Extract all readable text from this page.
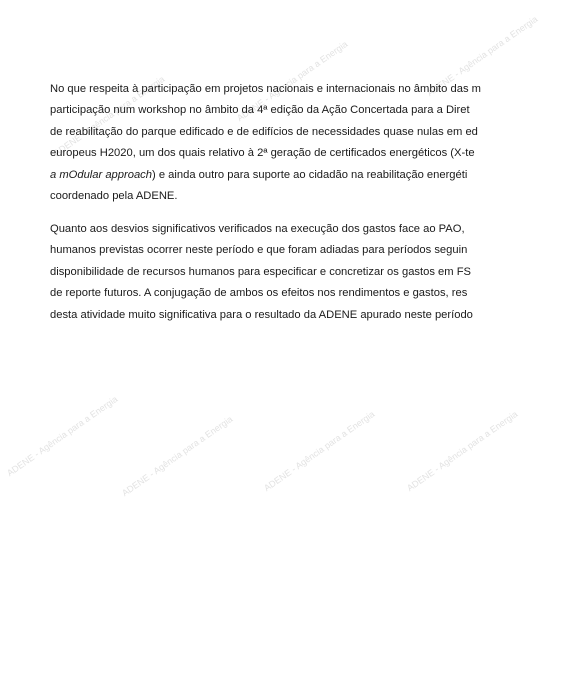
ADENE - Agência para a Energia	ADENE - Agência para a Energia	ADENE - Agência para a Energia
ADENE - Agência para a Energia ADENE - Agência para a Energia	ADENE - Agência para a Energia	ADENE - Agência para a Energia

No que respeita à participação em projetos nacionais e internacionais no âmbito das m
participação num workshop no âmbito da 4ª edição da Ação Concertada para a Diret
de reabilitação do parque edificado e de edifícios de necessidades quase nulas em ed
europeus H2020, um dos quais relativo à 2ª geração de certificados energéticos (X-te
a mOdular approach) e ainda outro para suporte ao cidadão na reabilitação energéti
coordenado pela ADENE.

Quanto aos desvios significativos verificados na execução dos gastos face ao PAO,
humanos previstas ocorrer neste período e que foram adiadas para períodos seguin
disponibilidade de recursos humanos para especificar e concretizar os gastos em FS
de reporte futuros. A conjugação de ambos os efeitos nos rendimentos e gastos, res
desta atividade muito significativa para o resultado da ADENE apurado neste período
